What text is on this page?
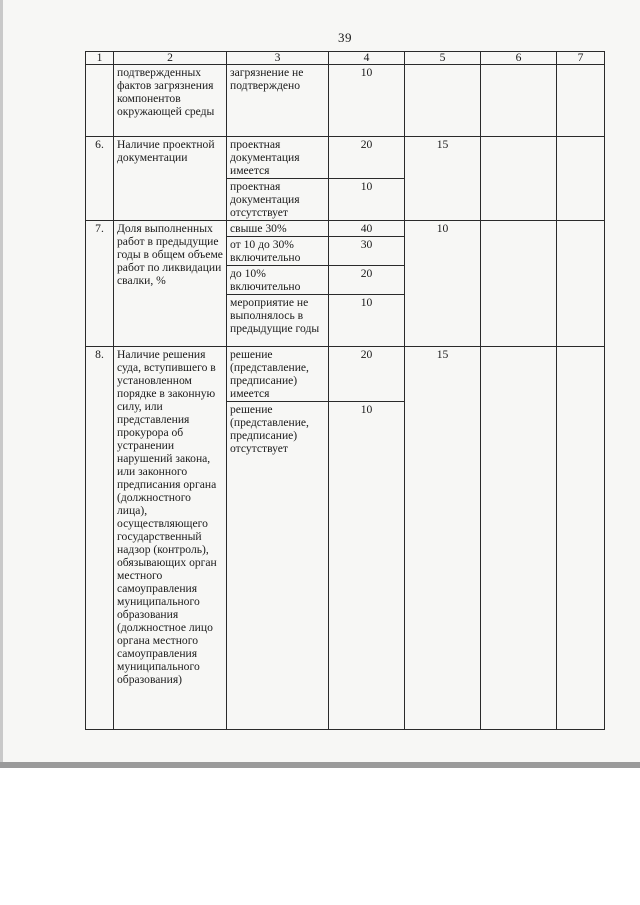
39
1	2	3	4	5	6	7
	подтвержденных фактов загрязнения компонентов окружающей среды	загрязнение не подтверждено	10			
6.	Наличие проектной документации	проектная документация имеется	20	15		
		проектная документация отсутствует	10			
7.	Доля выполненных работ в предыдущие годы в общем объеме работ по ликвидации свалки, %	свыше 30%	40	10		
		от 10 до 30% включительно	30			
		до 10% включительно	20			
		мероприятие не выполнялось в предыдущие годы	10			
8.	Наличие решения суда, вступившего в установленном порядке в законную силу, или представления прокурора об устранении нарушений закона, или законного предписания органа (должностного лица), осуществляющего государственный надзор (контроль), обязывающих орган местного самоуправления муниципального образования (должностное лицо органа местного самоуправления муниципального образования)	решение (представление, предписание) имеется	20	15		
		решение (представление, предписание) отсутствует	10			
